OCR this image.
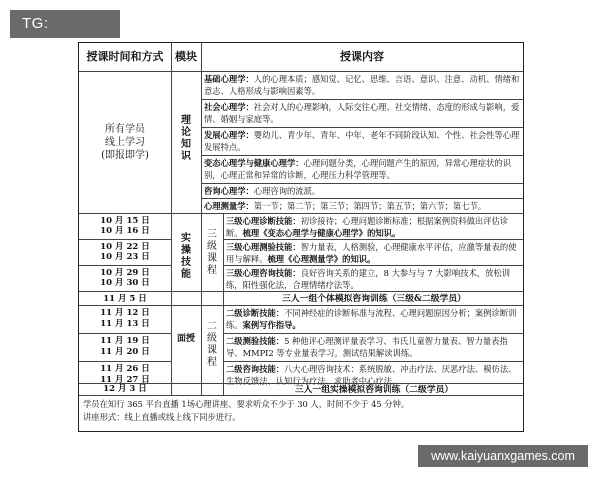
TG: MYYJJPP
授课时间和方式	模块	授课内容
所有学员
线上学习
(即报即学)
理
论
知
识
基础心理学：人的心理本质；感知觉、记忆、思维、言语、意识、注意、动机、情绪和意志、人格形成与影响因素等。
社会心理学：社会对人的心理影响，人际交往心理、社交情绪、态度的形成与影响，爱情、婚姻与家庭等。
发展心理学：婴幼儿、青少年、青年、中年、老年不同阶段认知、个性、社会性等心理发展特点。
变态心理学与健康心理学：心理问题分类，心理问题产生的原因，异常心理症状的识别，心理正常和异常的诊断，心理压力科学管理等。
咨询心理学：心理咨询的流派。
心理测量学：第一节；第二节；第三节；第四节；第五节；第六节；第七节。
10 月 15 日
10 月 16 日
10 月 22 日
10 月 23 日
10 月 29 日
10 月 30 日
11 月 5 日
11 月 12 日
11 月 13 日
11 月 19 日
11 月 20 日
11 月 26 日
11 月 27 日
12 月 3 日
实
操
技
能
面授
三
级
课
程
二
级
课
程
三级心理诊断技能：初诊接待；心理问题诊断标准；根据案例资料做出评估诊断。梳理《变态心理学与健康心理学》的知识。
三级心理测验技能：智力量表，人格测验，心理健康水平评估，应激等量表的使用与解释。梳理《心理测量学》的知识。
三级心理咨询技能：良好咨询关系的建立，8 大参与与 7 大影响技术，放松训练，阳性强化法，合理情绪疗法等。
三人一组个体模拟咨询训练（三级&二级学员）
二级诊断技能：不同神经症的诊断标准与流程、心理问题原因分析；案例诊断训练。案例写作指导。
二级测验技能：5 种他评心理测评量表学习、韦氏儿童智力量表、智力量表指导、MMPI2 等专业量表学习。测试结果解读训练。
二级咨询技能：八大心理咨询技术：系统脱敏、冲击疗法、厌恶疗法、模仿法、生物反馈法、认知行为疗法、求助者中心疗法。
三人一组实操模拟咨询训练（二级学员）
学员在知行 365 平台直播 1场心理讲座、要求听众不少于 30 人，时间不少于 45 分钟。
讲座形式：线上直播或线上线下同步进行。
www.kaiyuanxgames.com
